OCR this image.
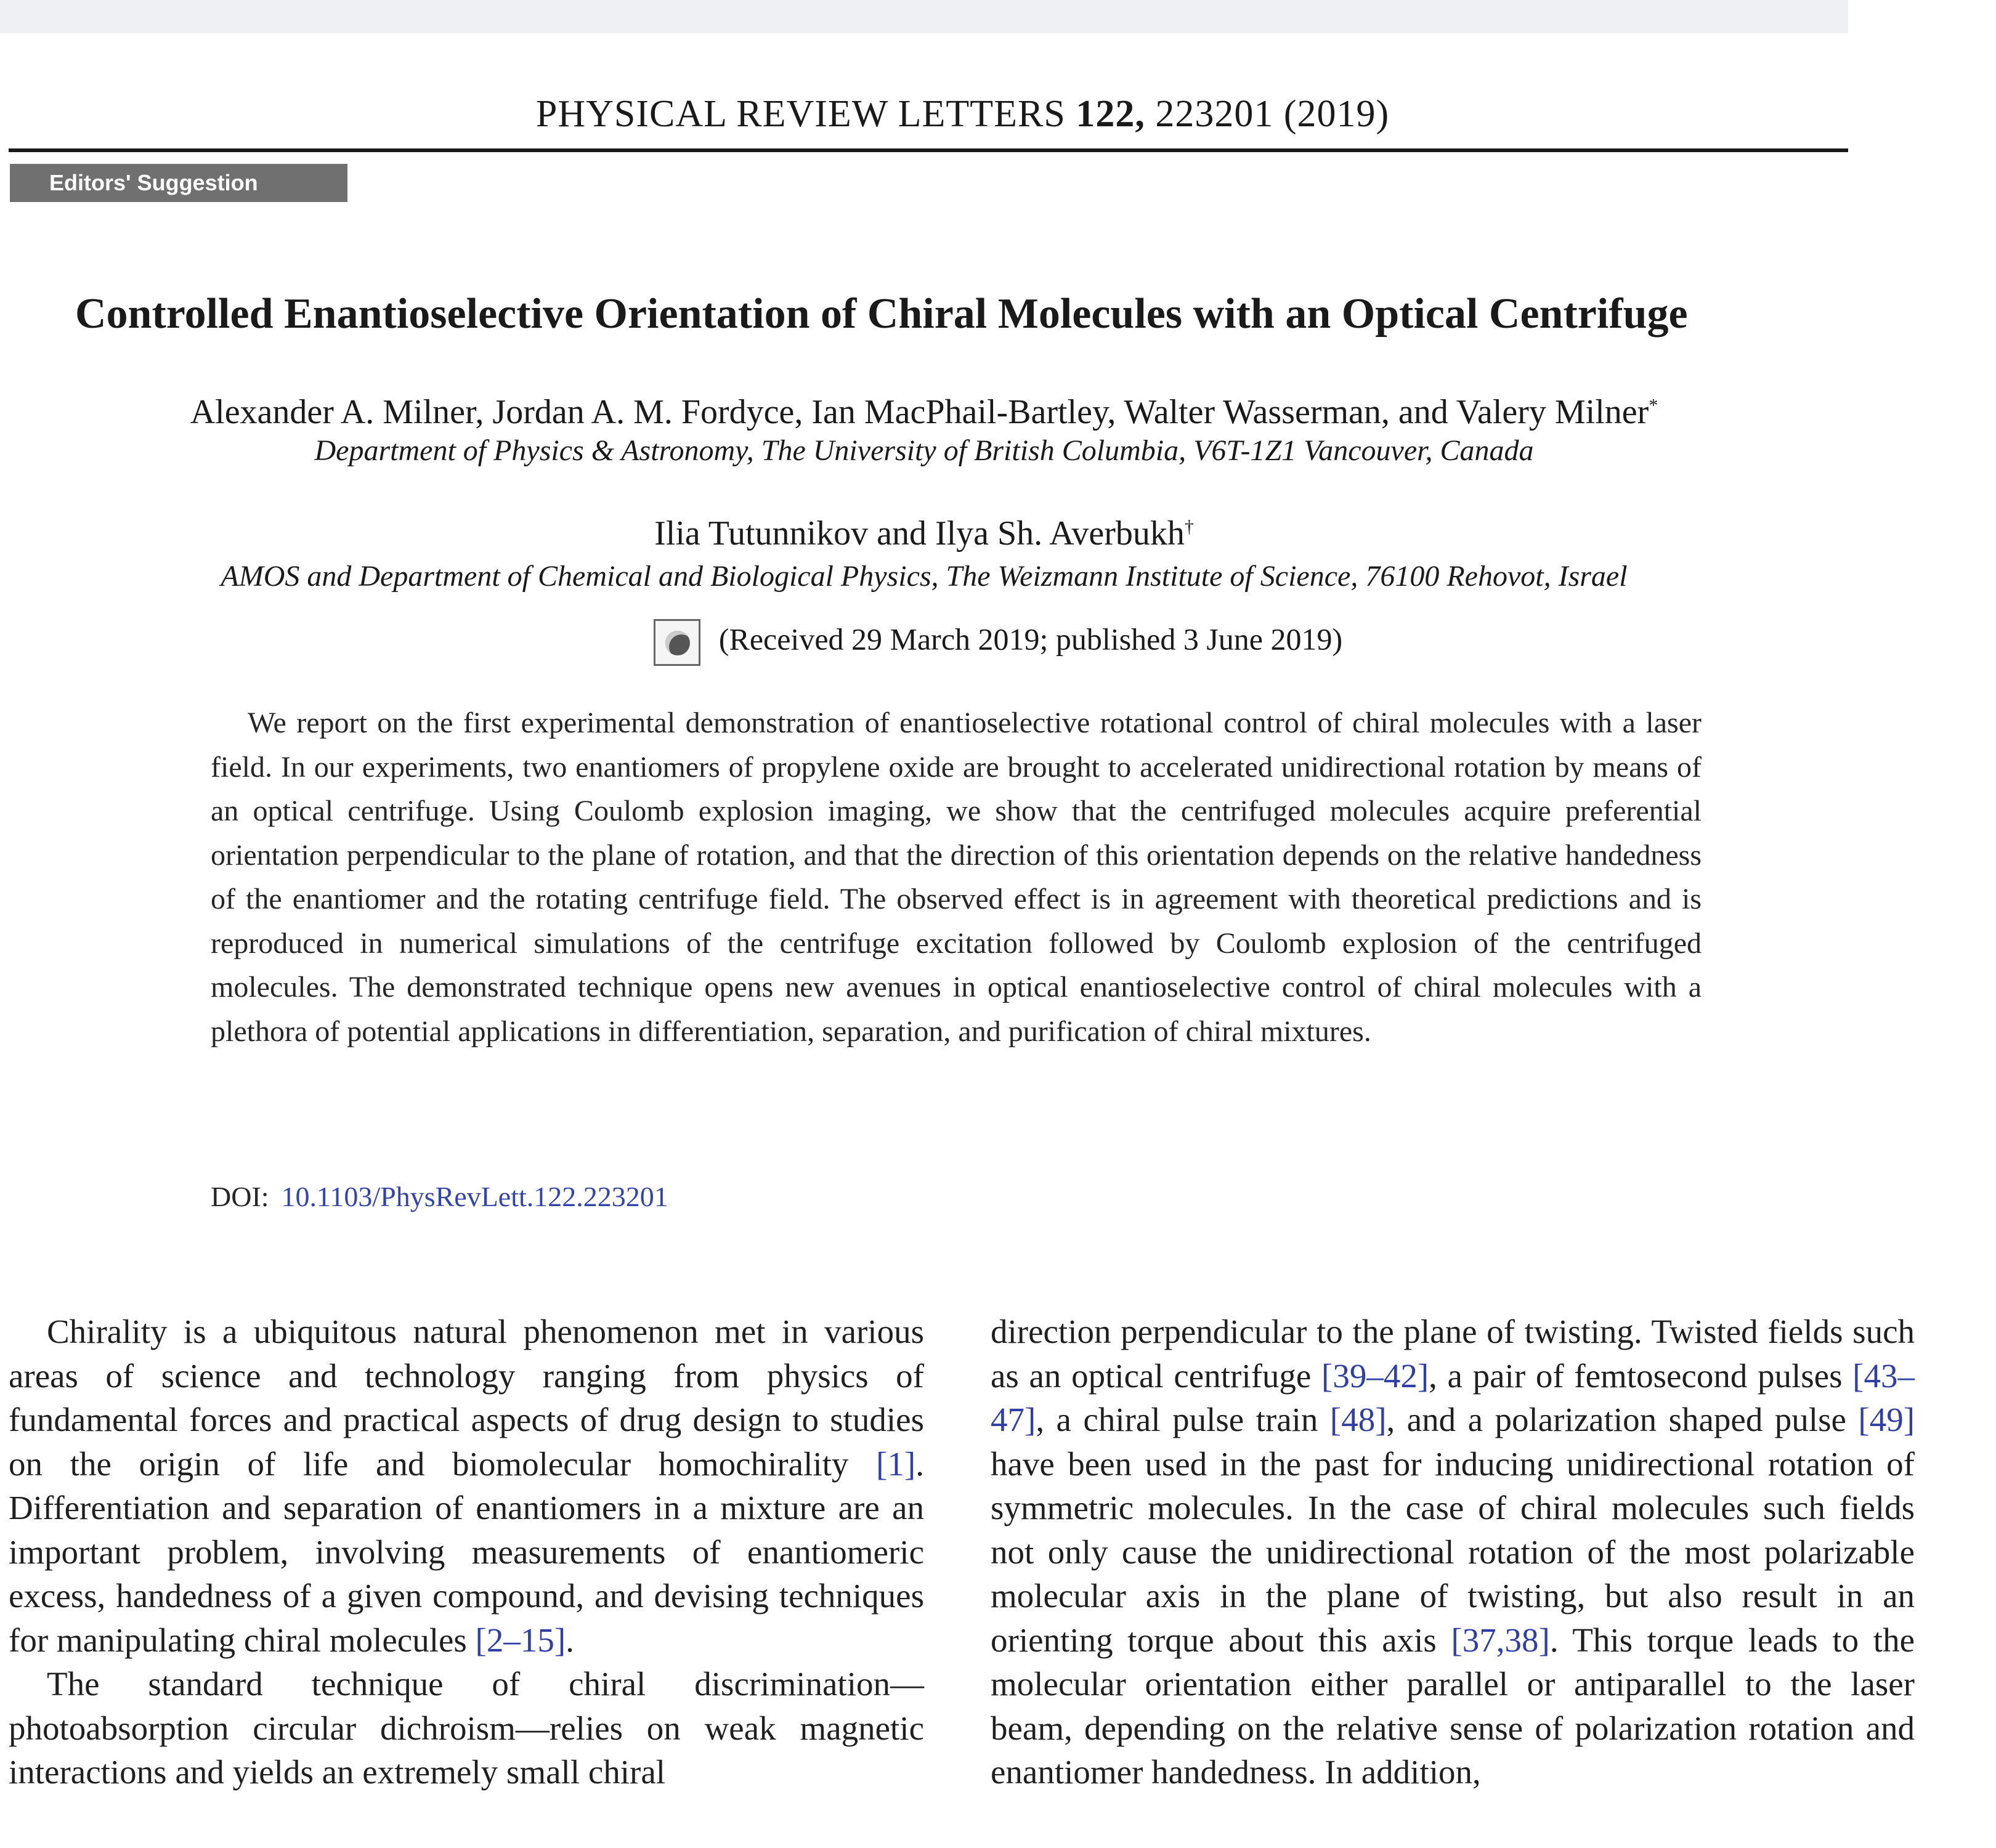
PHYSICAL REVIEW LETTERS 122, 223201 (2019)
Editors' Suggestion
Controlled Enantioselective Orientation of Chiral Molecules with an Optical Centrifuge
Alexander A. Milner, Jordan A. M. Fordyce, Ian MacPhail-Bartley, Walter Wasserman, and Valery Milner*
Department of Physics & Astronomy, The University of British Columbia, V6T-1Z1 Vancouver, Canada
Ilia Tutunnikov and Ilya Sh. Averbukh†
AMOS and Department of Chemical and Biological Physics, The Weizmann Institute of Science, 76100 Rehovot, Israel
(Received 29 March 2019; published 3 June 2019)
We report on the first experimental demonstration of enantioselective rotational control of chiral molecules with a laser field. In our experiments, two enantiomers of propylene oxide are brought to accelerated unidirectional rotation by means of an optical centrifuge. Using Coulomb explosion imaging, we show that the centrifuged molecules acquire preferential orientation perpendicular to the plane of rotation, and that the direction of this orientation depends on the relative handedness of the enantiomer and the rotating centrifuge field. The observed effect is in agreement with theoretical predictions and is reproduced in numerical simulations of the centrifuge excitation followed by Coulomb explosion of the centrifuged molecules. The demonstrated technique opens new avenues in optical enantioselective control of chiral molecules with a plethora of potential applications in differentiation, separation, and purification of chiral mixtures.
DOI: 10.1103/PhysRevLett.122.223201

Chirality is a ubiquitous natural phenomenon met in various areas of science and technology ranging from physics of fundamental forces and practical aspects of drug design to studies on the origin of life and biomolecular homochirality [1]. Differentiation and separation of enantiomers in a mixture are an important problem, involving measurements of enantiomeric excess, handedness of a given compound, and devising techniques for manipulating chiral molecules [2–15].

The standard technique of chiral discrimination—photoabsorption circular dichroism—relies on weak magnetic interactions and yields an extremely small chiral

direction perpendicular to the plane of twisting. Twisted fields such as an optical centrifuge [39–42], a pair of femtosecond pulses [43–47], a chiral pulse train [48], and a polarization shaped pulse [49] have been used in the past for inducing unidirectional rotation of symmetric molecules. In the case of chiral molecules such fields not only cause the unidirectional rotation of the most polarizable molecular axis in the plane of twisting, but also result in an orienting torque about this axis [37,38]. This torque leads to the molecular orientation either parallel or antiparallel to the laser beam, depending on the relative sense of polarization rotation and enantiomer handedness. In addition,
